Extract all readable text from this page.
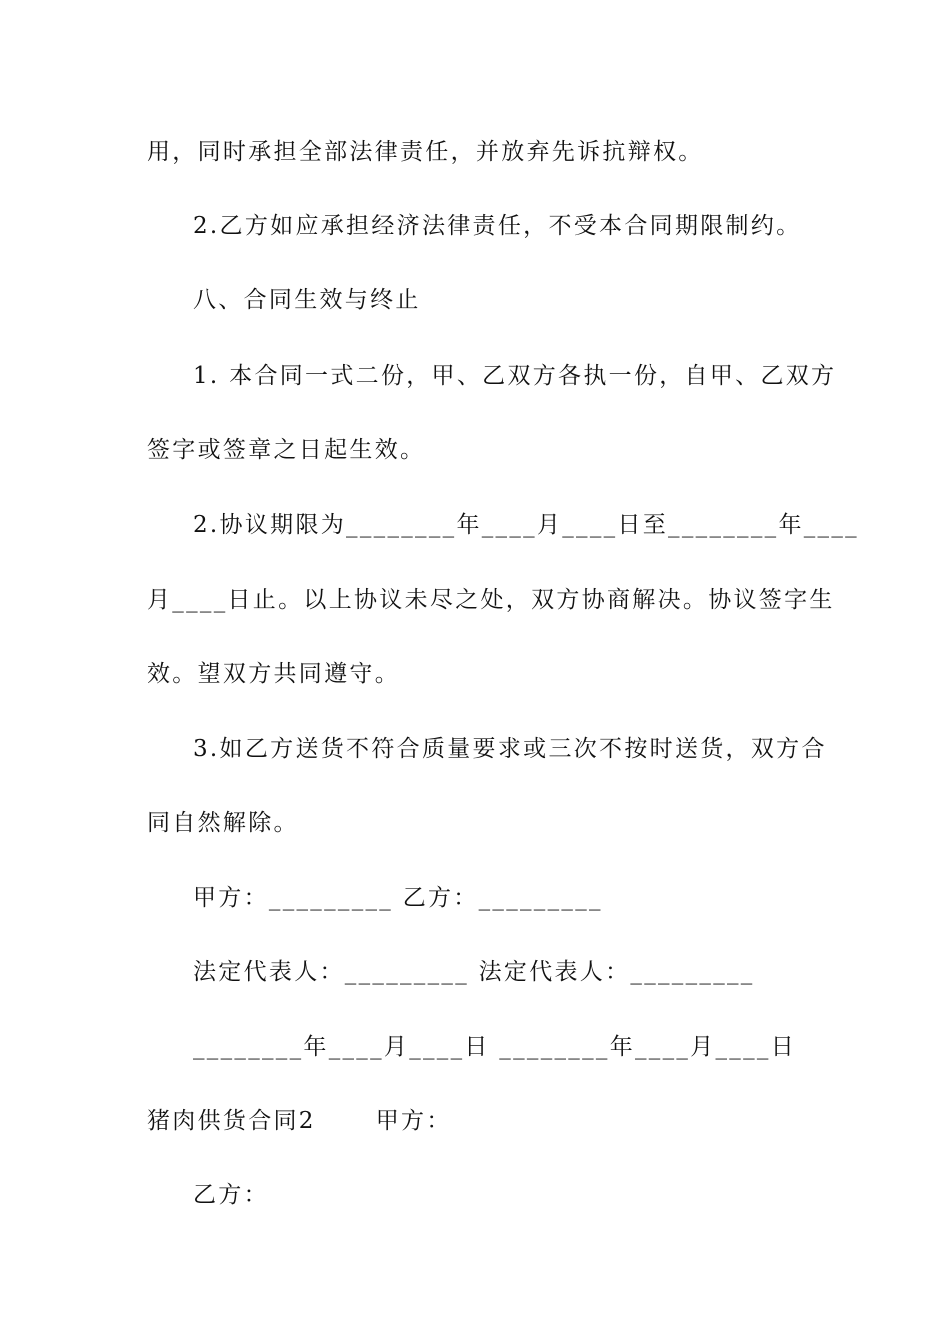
用，同时承担全部法律责任，并放弃先诉抗辩权。
2.乙方如应承担经济法律责任，不受本合同期限制约。
八、合同生效与终止
1. 本合同一式二份，甲、乙双方各执一份，自甲、乙双方
签字或签章之日起生效。
2.协议期限为________年____月____日至________年____
月____日止。以上协议未尽之处，双方协商解决。协议签字生
效。望双方共同遵守。
3.如乙方送货不符合质量要求或三次不按时送货，双方合
同自然解除。
甲方：_________ 乙方：_________
法定代表人：_________ 法定代表人：_________
________年____月____日 ________年____月____日
猪肉供货合同2	甲方：
乙方：
